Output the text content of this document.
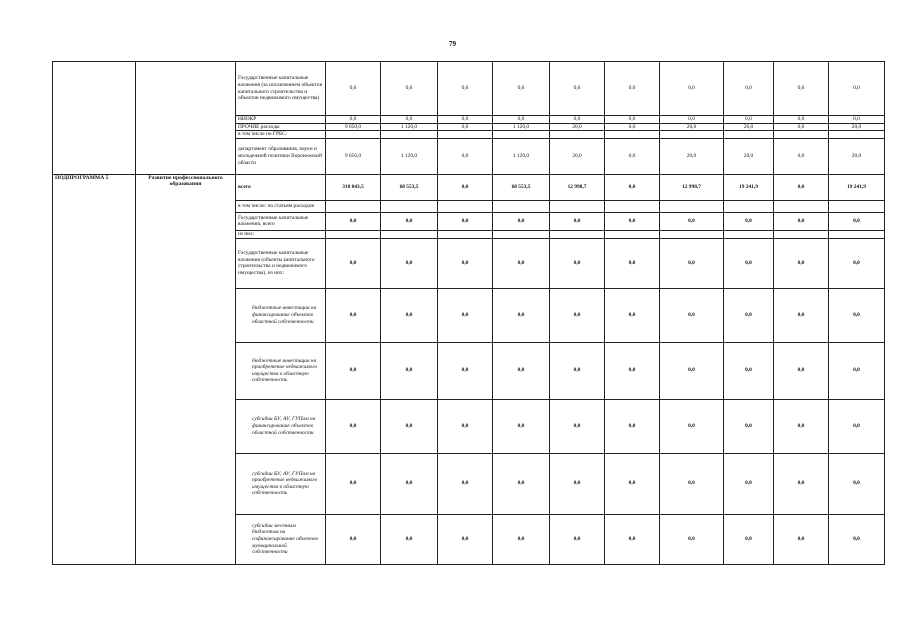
79
		Государственные капитальные вложения (за исключением объектов капитального строительства и объектов недвижимого имущества)	0,0	0,0	0,0	0,0	0,0	0,0	0,0	0,0	0,0	0,0
		НИОКР	0,0	0,0	0,0	0,0	0,0	0,0	0,0	0,0	0,0	0,0
		ПРОЧИЕ расходы	9 650,0	1 120,0	0,0	1 120,0	20,0	0,0	20,0	20,0	0,0	20,0
		в том числе по ГРБС:										
		департамент образования, науки и молодежной политики Воронежской области	9 650,0	1 120,0	0,0	1 120,0	20,0	0,0	20,0	20,0	0,0	20,0
ПОДПРОГРАММА 5	Развитие профессионального образования	всего	310 043,5	68 553,5	0,0	68 553,5	12 998,7	0,0	12 998,7	19 241,9	0,0	19 241,9
		в том числе: по статьям расходов										
		Государственные капитальные вложения, всего	0,0	0,0	0,0	0,0	0,0	0,0	0,0	0,0	0,0	0,0
		из них:										
		Государственные капитальные вложения (объекты капитального строительства и недвижимого имущества), из них:	0,0	0,0	0,0	0,0	0,0	0,0	0,0	0,0	0,0	0,0
		бюджетные инвестиции на финансирование объектов областной собственности	0,0	0,0	0,0	0,0	0,0	0,0	0,0	0,0	0,0	0,0
		бюджетные инвестиции на приобретение недвижимого имущества в областную собственность	0,0	0,0	0,0	0,0	0,0	0,0	0,0	0,0	0,0	0,0
		субсидии БУ, АУ, ГУПам на финансирование объектов областной собственности	0,0	0,0	0,0	0,0	0,0	0,0	0,0	0,0	0,0	0,0
		субсидии БУ, АУ, ГУПам на приобретение недвижимого имущества в областную собственность	0,0	0,0	0,0	0,0	0,0	0,0	0,0	0,0	0,0	0,0
		субсидии местным бюджетам на софинансирование объектов муниципальной собственности	0,0	0,0	0,0	0,0	0,0	0,0	0,0	0,0	0,0	0,0
